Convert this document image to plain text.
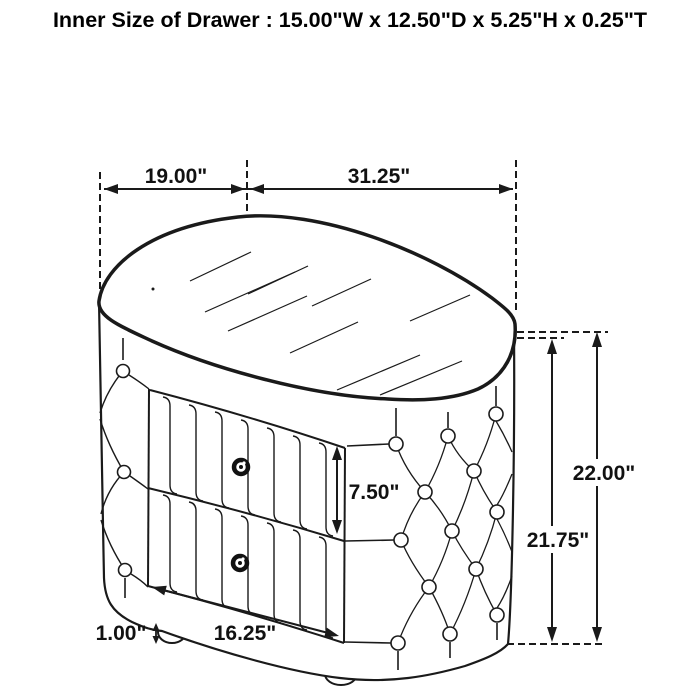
Inner Size of Drawer : 15.00"W x 12.50"D x 5.25"H x 0.25"T
19.00"	31.25"
22.00"
21.75"
7.50"
16.25"
1.00"
